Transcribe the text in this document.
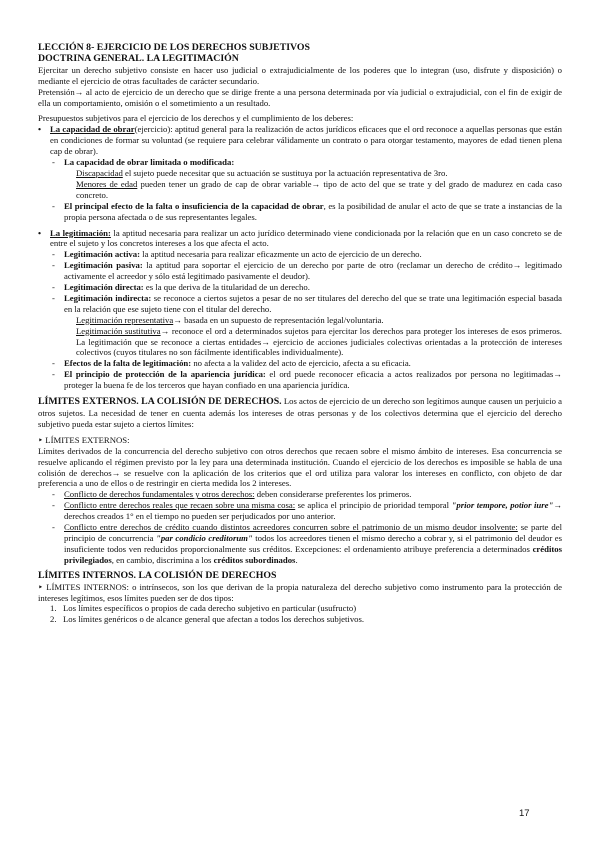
LECCIÓN 8- EJERCICIO DE LOS DERECHOS SUBJETIVOS
DOCTRINA GENERAL. LA LEGITIMACIÓN

Ejercitar un derecho subjetivo consiste en hacer uso judicial o extrajudicialmente de los poderes que lo integran (uso, disfrute y disposición) o mediante el ejercicio de otras facultades de carácter secundario.

Pretensión→ al acto de ejercicio de un derecho que se dirige frente a una persona determinada por vía judicial o extrajudicial, con el fin de exigir de ella un comportamiento, omisión o el sometimiento a un resultado.

Presupuestos subjetivos para el ejercicio de los derechos y el cumplimiento de los deberes:

•	La capacidad de obrar(ejercicio): aptitud general para la realización de actos jurídicos eficaces que el ord reconoce a aquellas personas que están en condiciones de formar su voluntad (se requiere para celebrar válidamente un contrato o para otorgar testamento, mayores de edad tienen plena cap de obrar).
-	La capacidad de obrar limitada o modificada:

Discapacidad el sujeto puede necesitar que su actuación se sustituya por la actuación representativa de 3ro.

Menores de edad pueden tener un grado de cap de obrar variable→ tipo de acto del que se trate y del grado de madurez en cada caso concreto.

-	El principal efecto de la falta o insuficiencia de la capacidad de obrar, es la posibilidad de anular el acto de que se trate a instancias de la propia persona afectada o de sus representantes legales.
•	La legitimación: la aptitud necesaria para realizar un acto jurídico determinado viene condicionada por la relación que en un caso concreto se de entre el sujeto y los concretos intereses a los que afecta el acto.
-	Legitimación activa: la aptitud necesaria para realizar eficazmente un acto de ejercicio de un derecho.
-	Legitimación pasiva: la aptitud para soportar el ejercicio de un derecho por parte de otro (reclamar un derecho de crédito→ legitimado activamente el acreedor y sólo está legitimado pasivamente el deudor).
-	Legitimación directa: es la que deriva de la titularidad de un derecho.
-	Legitimación indirecta: se reconoce a ciertos sujetos a pesar de no ser titulares del derecho del que se trate una legitimación especial basada en la relación que ese sujeto tiene con el titular del derecho.

Legitimación representativa→ basada en un supuesto de representación legal/voluntaria.

Legitimación sustitutiva→ reconoce el ord a determinados sujetos para ejercitar los derechos para proteger los intereses de esos primeros. La legitimación que se reconoce a ciertas entidades→ ejercicio de acciones judiciales colectivas orientadas a la protección de intereses colectivos (cuyos titulares no son fácilmente identificables individualmente).

-	Efectos de la falta de legitimación: no afecta a la validez del acto de ejercicio, afecta a su eficacia.
-	El principio de protección de la apariencia jurídica: el ord puede reconocer eficacia a actos realizados por persona no legitimadas→ proteger la buena fe de los terceros que hayan confiado en una apariencia jurídica.

LÍMITES EXTERNOS. LA COLISIÓN DE DERECHOS. Los actos de ejercicio de un derecho son legítimos aunque causen un perjuicio a otros sujetos. La necesidad de tener en cuenta además los intereses de otras personas y de los colectivos determina que el ejercicio del derecho subjetivo pueda estar sujeto a ciertos límites:

‣ LÍMITES EXTERNOS:

Límites derivados de la concurrencia del derecho subjetivo con otros derechos que recaen sobre el mismo ámbito de intereses. Esa concurrencia se resuelve aplicando el régimen previsto por la ley para una determinada institución. Cuando el ejercicio de los derechos es imposible se habla de una colisión de derechos→ se resuelve con la aplicación de los criterios que el ord utiliza para valorar los intereses en conflicto, con objeto de dar preferencia a uno de ellos o de restringir en cierta medida los 2 intereses.

-	Conflicto de derechos fundamentales y otros derechos: deben considerarse preferentes los primeros.
-	Conflicto entre derechos reales que recaen sobre una misma cosa: se aplica el principio de prioridad temporal "prior tempore, potior iure"→ derechos creados 1° en el tiempo no pueden ser perjudicados por uno anterior.
-	Conflicto entre derechos de crédito cuando distintos acreedores concurren sobre el patrimonio de un mismo deudor insolvente: se parte del principio de concurrencia "par condicio creditorum" todos los acreedores tienen el mismo derecho a cobrar y, si el patrimonio del deudor es insuficiente todos ven reducidos proporcionalmente sus créditos. Excepciones: el ordenamiento atribuye preferencia a determinados créditos privilegiados, en cambio, discrimina a los créditos subordinados.
LÍMITES INTERNOS. LA COLISIÓN DE DERECHOS

‣ LÍMITES INTERNOS: o intrínsecos, son los que derivan de la propia naturaleza del derecho subjetivo como instrumento para la protección de intereses legítimos, esos límites pueden ser de dos tipos:

1. Los límites específicos o propios de cada derecho subjetivo en particular (usufructo)
2. Los límites genéricos o de alcance general que afectan a todos los derechos subjetivos.
17
